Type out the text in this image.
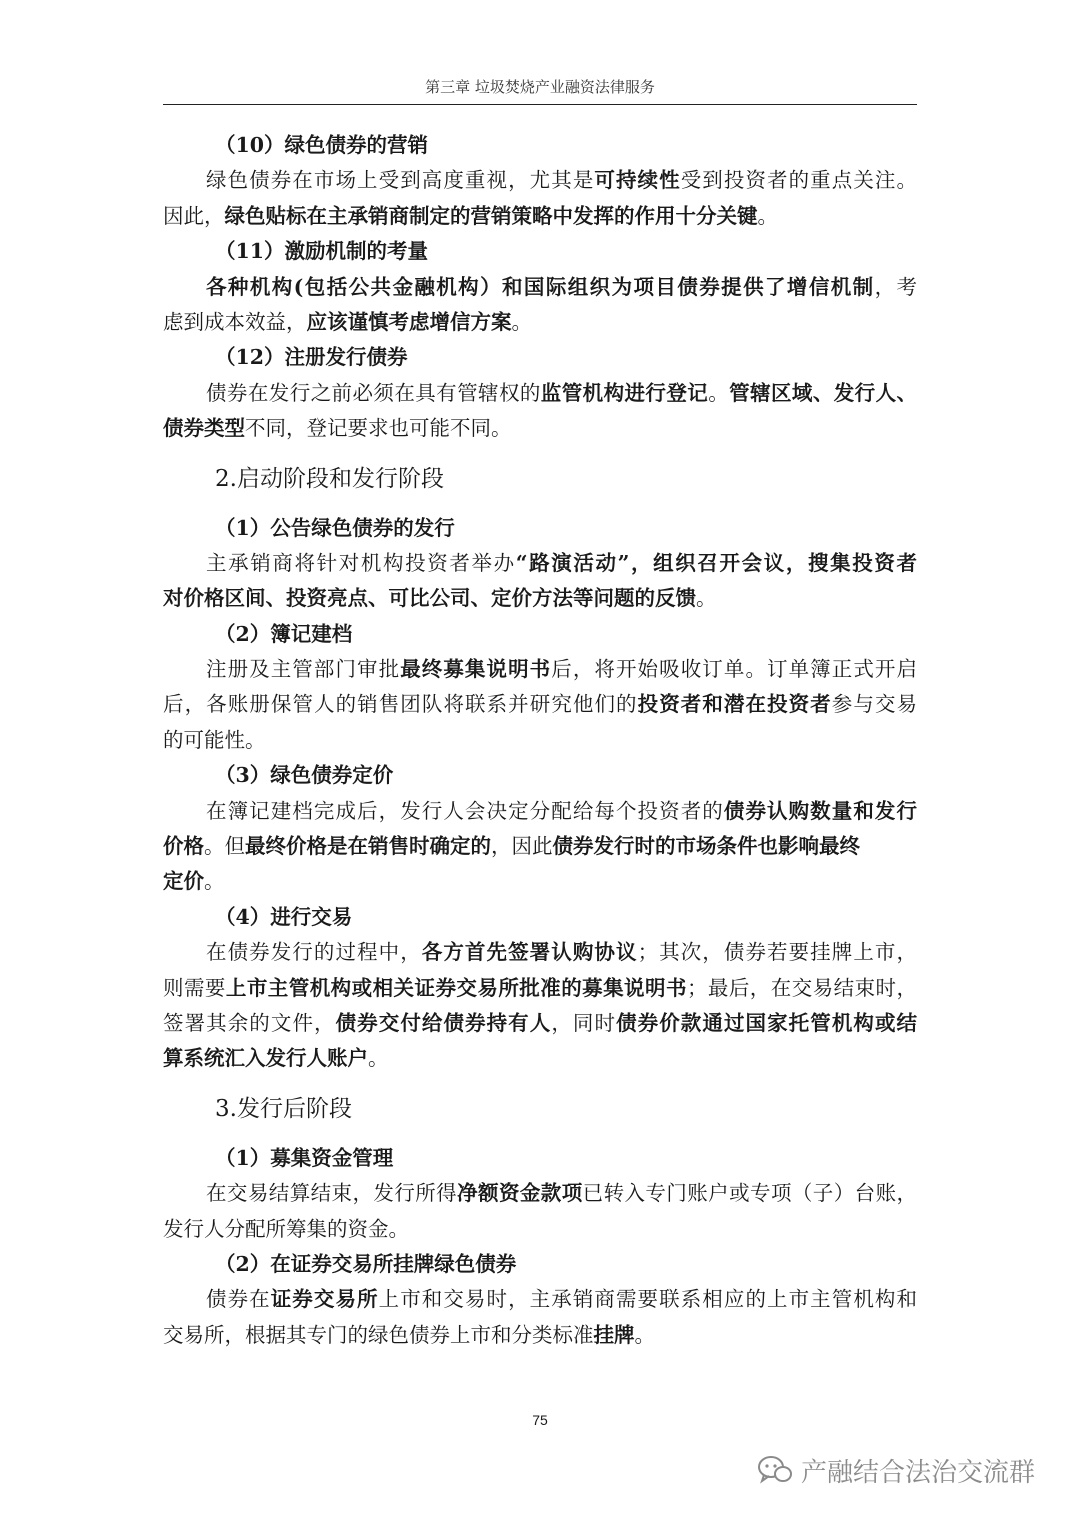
第三章 垃圾焚烧产业融资法律服务
（10）绿色债券的营销
绿色债券在市场上受到高度重视，尤其是可持续性受到投资者的重点关注。
因此，绿色贴标在主承销商制定的营销策略中发挥的作用十分关键。
（11）激励机制的考量
各种机构(包括公共金融机构）和国际组织为项目债券提供了增信机制，考
虑到成本效益，应该谨慎考虑增信方案。
（12）注册发行债券
债券在发行之前必须在具有管辖权的监管机构进行登记。管辖区域、发行人、
债券类型不同，登记要求也可能不同。
2.启动阶段和发行阶段
（1）公告绿色债券的发行
主承销商将针对机构投资者举办“路演活动”，组织召开会议，搜集投资者
对价格区间、投资亮点、可比公司、定价方法等问题的反馈。
（2）簿记建档
注册及主管部门审批最终募集说明书后，将开始吸收订单。订单簿正式开启
后，各账册保管人的销售团队将联系并研究他们的投资者和潜在投资者参与交易
的可能性。
（3）绿色债券定价
在簿记建档完成后，发行人会决定分配给每个投资者的债券认购数量和发行
价格。但最终价格是在销售时确定的，因此债券发行时的市场条件也影响最终
定价。
（4）进行交易
在债券发行的过程中，各方首先签署认购协议；其次，债券若要挂牌上市，
则需要上市主管机构或相关证券交易所批准的募集说明书；最后，在交易结束时，
签署其余的文件，债券交付给债券持有人，同时债券价款通过国家托管机构或结
算系统汇入发行人账户。
3.发行后阶段
（1）募集资金管理
在交易结算结束，发行所得净额资金款项已转入专门账户或专项（子）台账，
发行人分配所筹集的资金。
（2）在证券交易所挂牌绿色债券
债券在证券交易所上市和交易时，主承销商需要联系相应的上市主管机构和
交易所，根据其专门的绿色债券上市和分类标准挂牌。
75
产融结合法治交流群
